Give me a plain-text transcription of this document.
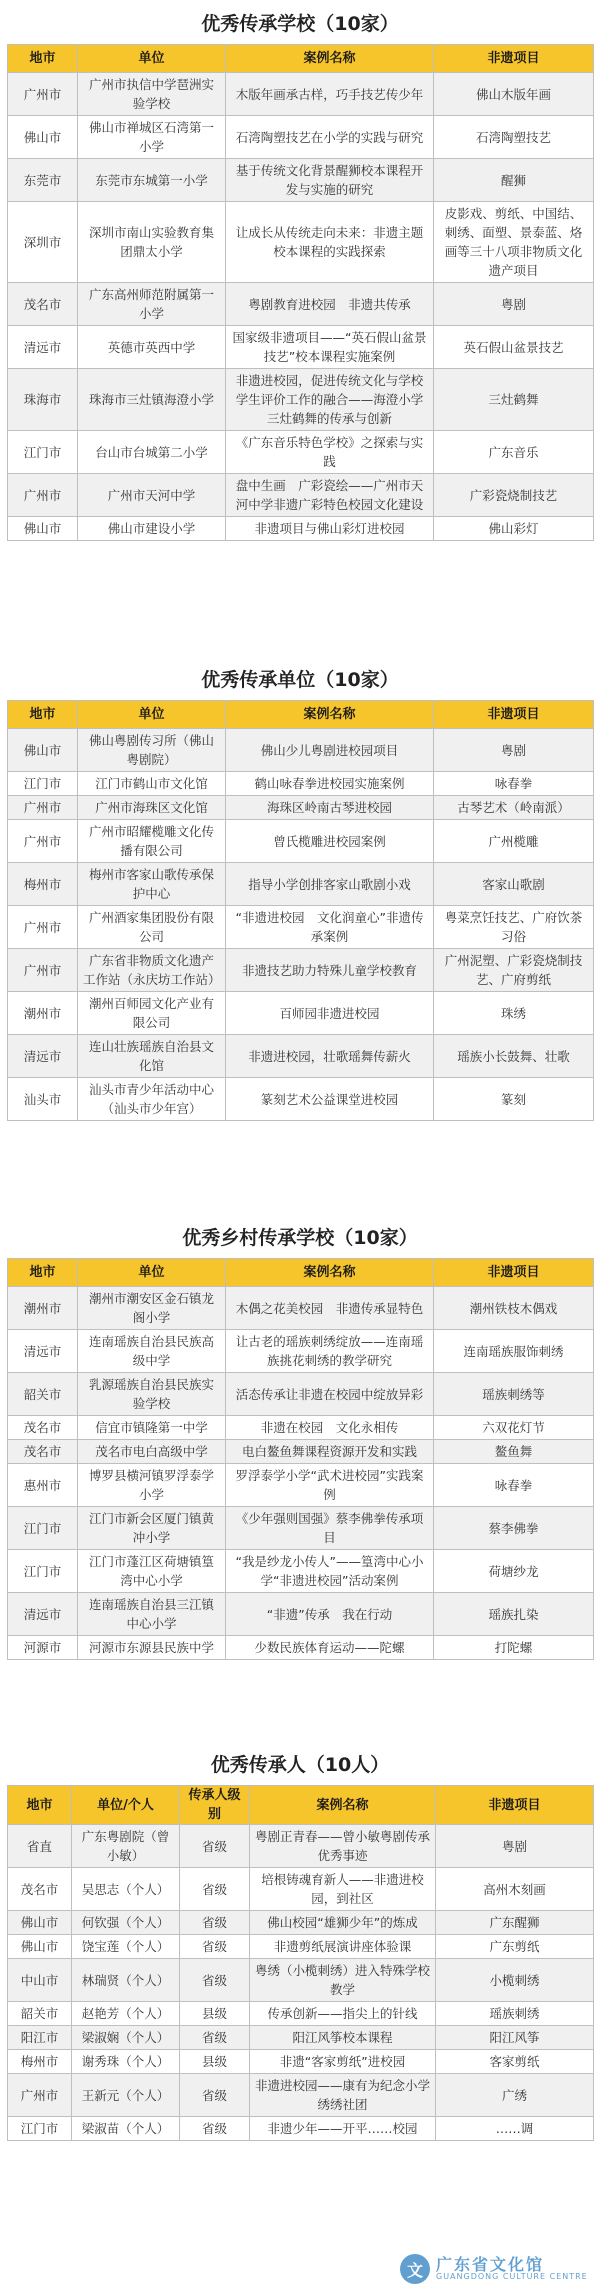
优秀传承学校（10家）
地市	单位	案例名称	非遗项目
广州市	广州市执信中学琶洲实验学校	木版年画承古样，巧手技艺传少年	佛山木版年画
佛山市	佛山市禅城区石湾第一小学	石湾陶塑技艺在小学的实践与研究	石湾陶塑技艺
东莞市	东莞市东城第一小学	基于传统文化背景醒狮校本课程开发与实施的研究	醒狮
深圳市	深圳市南山实验教育集团鼎太小学	让成长从传统走向未来：非遗主题校本课程的实践探索	皮影戏、剪纸、中国结、刺绣、面塑、景泰蓝、烙画等三十八项非物质文化遗产项目
茂名市	广东高州师范附属第一小学	粤剧教育进校园　非遗共传承	粤剧
清远市	英德市英西中学	国家级非遗项目——“英石假山盆景技艺”校本课程实施案例	英石假山盆景技艺
珠海市	珠海市三灶镇海澄小学	非遗进校园，促进传统文化与学校学生评价工作的融合——海澄小学三灶鹤舞的传承与创新	三灶鹤舞
江门市	台山市台城第二小学	《广东音乐特色学校》之探索与实践	广东音乐
广州市	广州市天河中学	盘中生画　广彩瓷绘——广州市天河中学非遗广彩特色校园文化建设	广彩瓷烧制技艺
佛山市	佛山市建设小学	非遗项目与佛山彩灯进校园	佛山彩灯
优秀传承单位（10家）
地市	单位	案例名称	非遗项目
佛山市	佛山粤剧传习所（佛山粤剧院）	佛山少儿粤剧进校园项目	粤剧
江门市	江门市鹤山市文化馆	鹤山咏春拳进校园实施案例	咏春拳
广州市	广州市海珠区文化馆	海珠区岭南古琴进校园	古琴艺术（岭南派）
广州市	广州市昭耀榄雕文化传播有限公司	曾氏榄雕进校园案例	广州榄雕
梅州市	梅州市客家山歌传承保护中心	指导小学创排客家山歌剧小戏	客家山歌剧
广州市	广州酒家集团股份有限公司	“非遗进校园　文化润童心”非遗传承案例	粤菜烹饪技艺、广府饮茶习俗
广州市	广东省非物质文化遗产工作站（永庆坊工作站）	非遗技艺助力特殊儿童学校教育	广州泥塑、广彩瓷烧制技艺、广府剪纸
潮州市	潮州百师园文化产业有限公司	百师园非遗进校园	珠绣
清远市	连山壮族瑶族自治县文化馆	非遗进校园，壮歌瑶舞传薪火	瑶族小长鼓舞、壮歌
汕头市	汕头市青少年活动中心（汕头市少年宫）	篆刻艺术公益课堂进校园	篆刻
优秀乡村传承学校（10家）
地市	单位	案例名称	非遗项目
潮州市	潮州市潮安区金石镇龙阁小学	木偶之花美校园　非遗传承显特色	潮州铁枝木偶戏
清远市	连南瑶族自治县民族高级中学	让古老的瑶族刺绣绽放——连南瑶族挑花刺绣的教学研究	连南瑶族服饰刺绣
韶关市	乳源瑶族自治县民族实验学校	活态传承让非遗在校园中绽放异彩	瑶族刺绣等
茂名市	信宜市镇隆第一中学	非遗在校园　文化永相传	六双花灯节
茂名市	茂名市电白高级中学	电白鳌鱼舞课程资源开发和实践	鳌鱼舞
惠州市	博罗县横河镇罗浮泰学小学	罗浮泰学小学“武术进校园”实践案例	咏春拳
江门市	江门市新会区厦门镇黄冲小学	《少年强则国强》蔡李佛拳传承项目	蔡李佛拳
江门市	江门市蓬江区荷塘镇篁湾中心小学	“我是纱龙小传人”——篁湾中心小学“非遗进校园”活动案例	荷塘纱龙
清远市	连南瑶族自治县三江镇中心小学	“非遗”传承　我在行动	瑶族扎染
河源市	河源市东源县民族中学	少数民族体育运动——陀螺	打陀螺
优秀传承人（10人）
地市	单位/个人	传承人级别	案例名称	非遗项目
省直	广东粤剧院（曾小敏）	省级	粤剧正青春——曾小敏粤剧传承优秀事迹	粤剧
茂名市	吴思志（个人）	省级	培根铸魂育新人——非遗进校园，到社区	高州木刻画
佛山市	何钦强（个人）	省级	佛山校园“雄狮少年”的炼成	广东醒狮
佛山市	饶宝莲（个人）	省级	非遗剪纸展演讲座体验课	广东剪纸
中山市	林瑞贤（个人）	省级	粤绣（小榄刺绣）进入特殊学校教学	小榄刺绣
韶关市	赵艳芳（个人）	县级	传承创新——指尖上的针线	瑶族刺绣
阳江市	梁淑娴（个人）	省级	阳江风筝校本课程	阳江风筝
梅州市	谢秀珠（个人）	县级	非遗“客家剪纸”进校园	客家剪纸
广州市	王新元（个人）	省级	非遗进校园——康有为纪念小学绣绣社团	广绣
江门市	梁淑苗（个人）	省级	非遗少年——开平……校园	……调
文 广东省文化馆
GUANGDONG CULTURE CENTRE
